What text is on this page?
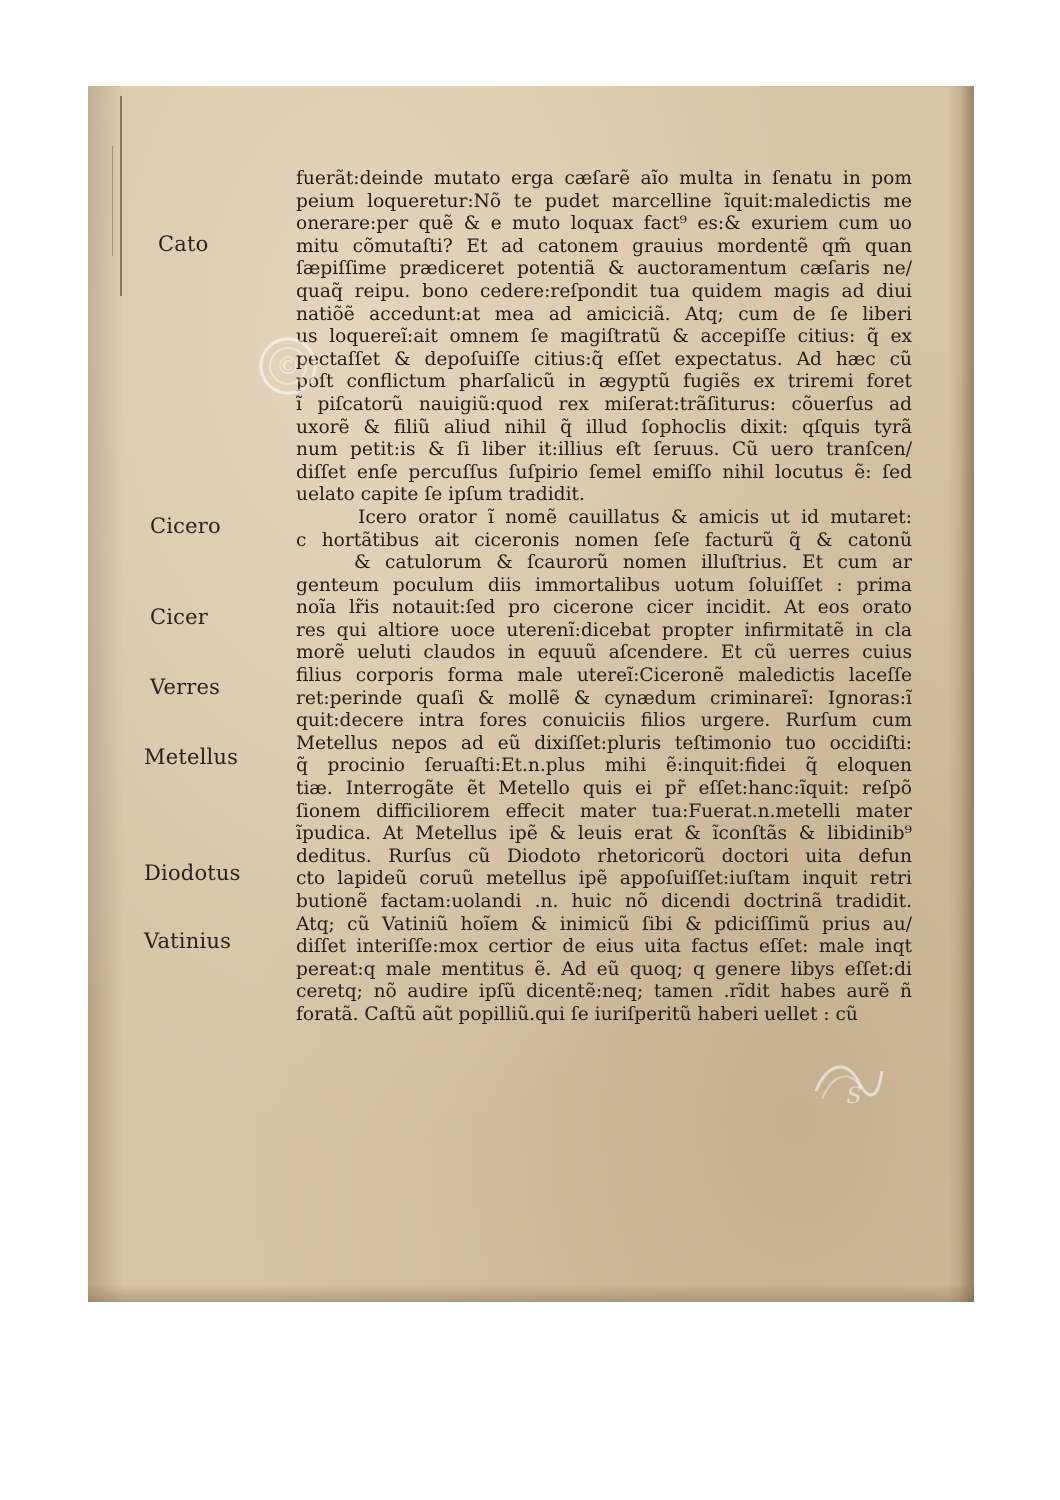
Cato
Cicero
Cicer
Verres
Metellus
Diodotus
Vatinius
fuerãt:deinde mutato erga cæſarẽ aĩo multa in ſenatu in pom
peium loqueretur:Nõ te pudet marcelline ĩquit:maledictis me
onerare:per quẽ & e muto loquax fact⁹ es:& exuriem cum uo
mitu cõmutaſti? Et ad catonem grauius mordentẽ qm̃ quan
ſæpiſſime prædiceret potentiã & auctoramentum cæſaris ne/
quaq̃ reipu. bono cedere:reſpondit tua quidem magis ad diui
natiõẽ accedunt:at mea ad amiciciã. Atq; cum de ſe liberi
us loquereĩ:ait omnem ſe magiſtratũ & accepiſſe citius: q̃ ex
pectaſſet & depoſuiſſe citius:q̃ eſſet expectatus. Ad hæc cũ
poſt conflictum pharſalicũ in ægyptũ fugiẽs ex triremi foret
ĩ piſcatorũ nauigiũ:quod rex miſerat:trãſiturus: cõuerſus ad
uxorẽ & filiũ aliud nihil q̃ illud ſophoclis dixit: qſquis tyrã
num petit:is & ſi liber it:illius eſt ſeruus. Cũ uero tranſcen/
diſſet enſe percuſſus ſuſpirio ſemel emiſſo nihil locutus ẽ: ſed
uelato capite ſe ipſum tradidit.
Icero orator ĩ nomẽ cauillatus & amicis ut id mutaret:
c hortãtibus ait ciceronis nomen ſeſe facturũ q̃ & catonũ
& catulorum & ſcaurorũ nomen illuſtrius. Et cum ar
genteum poculum diis immortalibus uotum ſoluiſſet : prima
noĩa lr̃is notauit:ſed pro cicerone cicer incidit. At eos orato
res qui altiore uoce uterenĩ:dicebat propter infirmitatẽ in cla
morẽ ueluti claudos in equuũ aſcendere. Et cũ uerres cuius
filius corporis forma male utereĩ:Ciceronẽ maledictis laceſſe
ret:perinde quaſi & mollẽ & cynædum criminareĩ: Ignoras:ĩ
quit:decere intra fores conuiciis filios urgere. Rurſum cum
Metellus nepos ad eũ dixiſſet:pluris teſtimonio tuo occidiſti:
q̃ procinio ſeruaſti:Et.n.plus mihi ẽ:inquit:fidei q̃ eloquen
tiæ. Interrogãte ẽt Metello quis ei pr̃ eſſet:hanc:ĩquit: reſpõ
ſionem difficiliorem effecit mater tua:Fuerat.n.metelli mater
ĩpudica. At Metellus ipẽ & leuis erat & ĩconſtãs & libidinib⁹
deditus. Rurſus cũ Diodoto rhetoricorũ doctori uita defun
cto lapideũ coruũ metellus ipẽ appoſuiſſet:iuſtam inquit retri
butionẽ factam:uolandi .n. huic nõ dicendi doctrinã tradidit.
Atq; cũ Vatiniũ hoĩem & inimicũ ſibi & pdiciſſimũ prius au/
diſſet interiſſe:mox certior de eius uita factus eſſet: male inqt
pereat:q male mentitus ẽ. Ad eũ quoq; q genere libys eſſet:di
ceretq; nõ audire ipſũ dicentẽ:neq; tamen .rĩdit habes aurẽ ñ
foratã. Caſtũ aũt popilliũ.qui ſe iuriſperitũ haberi uellet : cũ
©
S
